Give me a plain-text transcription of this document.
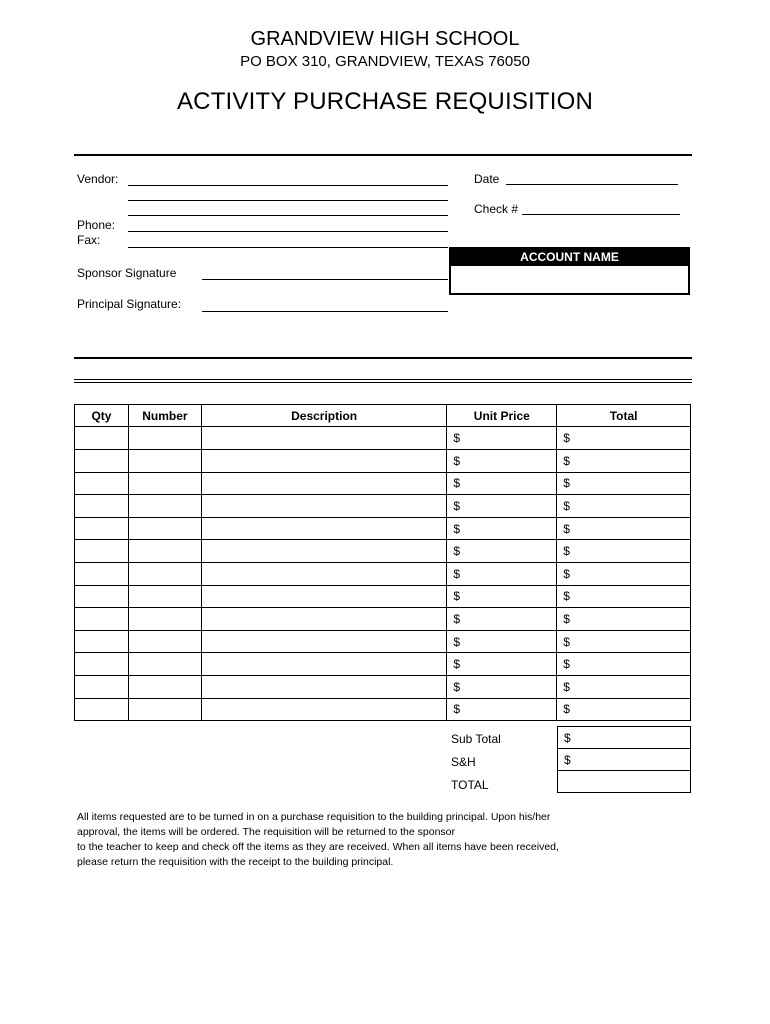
GRANDVIEW HIGH SCHOOL
PO BOX 310, GRANDVIEW, TEXAS 76050
ACTIVITY PURCHASE REQUISITION
Vendor:
Phone:
Fax:
Sponsor Signature
Principal Signature:
Date
Check #
ACCOUNT NAME
Qty	Number	Description	Unit Price	Total
			$	$
			$	$
			$	$
			$	$
			$	$
			$	$
			$	$
			$	$
			$	$
			$	$
			$	$
			$	$
			$	$
Sub Total	$
S&H	$
TOTAL
All items requested are to be turned in on a purchase requisition to the building principal. Upon his/her
approval, the items will be ordered. The requisition will be returned to the sponsor
to the teacher to keep and check off the items as they are received. When all items have been received,
please return the requisition with the receipt to the building principal.
